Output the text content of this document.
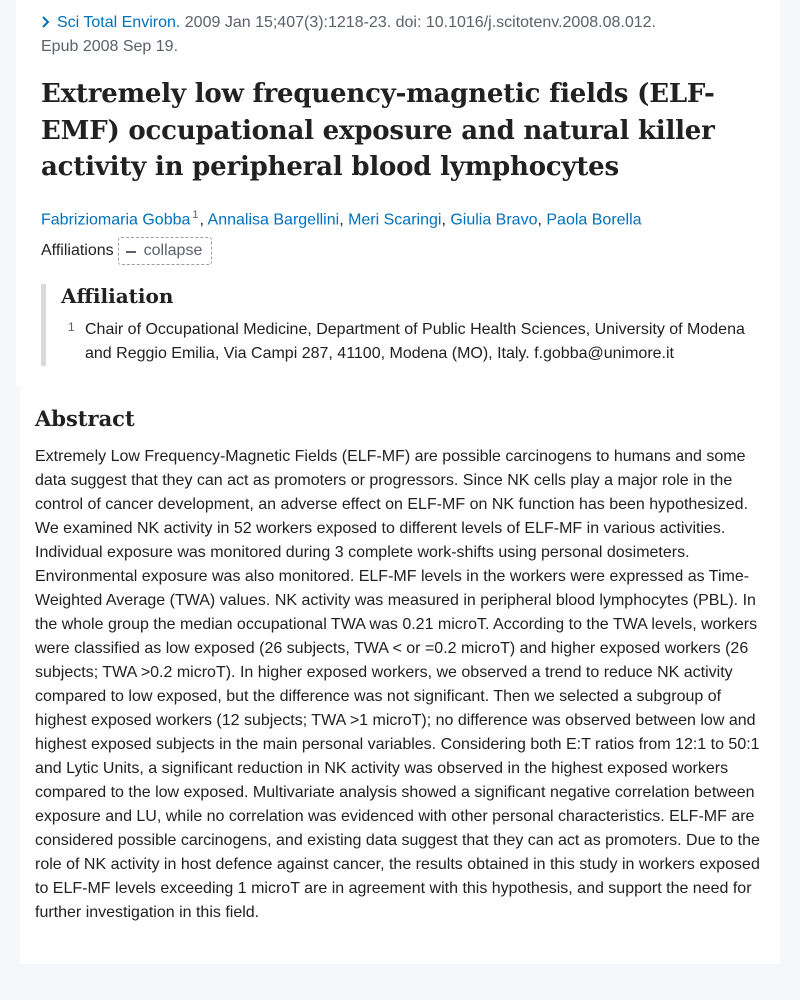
Sci Total Environ. 2009 Jan 15;407(3):1218-23. doi: 10.1016/j.scitotenv.2008.08.012.
Epub 2008 Sep 19.
Extremely low frequency-magnetic fields (ELF-EMF) occupational exposure and natural killer activity in peripheral blood lymphocytes
Fabriziomaria Gobba $^1$, Annalisa Bargellini, Meri Scaringi, Giulia Bravo, Paola Borella
Affiliations collapse
Affiliation
1 Chair of Occupational Medicine, Department of Public Health Sciences, University of Modena and Reggio Emilia, Via Campi 287, 41100, Modena (MO), Italy. f.gobba@unimore.it
Abstract

Extremely Low Frequency-Magnetic Fields (ELF-MF) are possible carcinogens to humans and some data suggest that they can act as promoters or progressors. Since NK cells play a major role in the control of cancer development, an adverse effect on ELF-MF on NK function has been hypothesized. We examined NK activity in 52 workers exposed to different levels of ELF-MF in various activities. Individual exposure was monitored during 3 complete work-shifts using personal dosimeters. Environmental exposure was also monitored. ELF-MF levels in the workers were expressed as Time-Weighted Average (TWA) values. NK activity was measured in peripheral blood lymphocytes (PBL). In the whole group the median occupational TWA was 0.21 microT. According to the TWA levels, workers were classified as low exposed (26 subjects, TWA < or =0.2 microT) and higher exposed workers (26 subjects; TWA >0.2 microT). In higher exposed workers, we observed a trend to reduce NK activity compared to low exposed, but the difference was not significant. Then we selected a subgroup of highest exposed workers (12 subjects; TWA >1 microT); no difference was observed between low and highest exposed subjects in the main personal variables. Considering both E:T ratios from 12:1 to 50:1 and Lytic Units, a significant reduction in NK activity was observed in the highest exposed workers compared to the low exposed. Multivariate analysis showed a significant negative correlation between exposure and LU, while no correlation was evidenced with other personal characteristics. ELF-MF are considered possible carcinogens, and existing data suggest that they can act as promoters. Due to the role of NK activity in host defence against cancer, the results obtained in this study in workers exposed to ELF-MF levels exceeding 1 microT are in agreement with this hypothesis, and support the need for further investigation in this field.
